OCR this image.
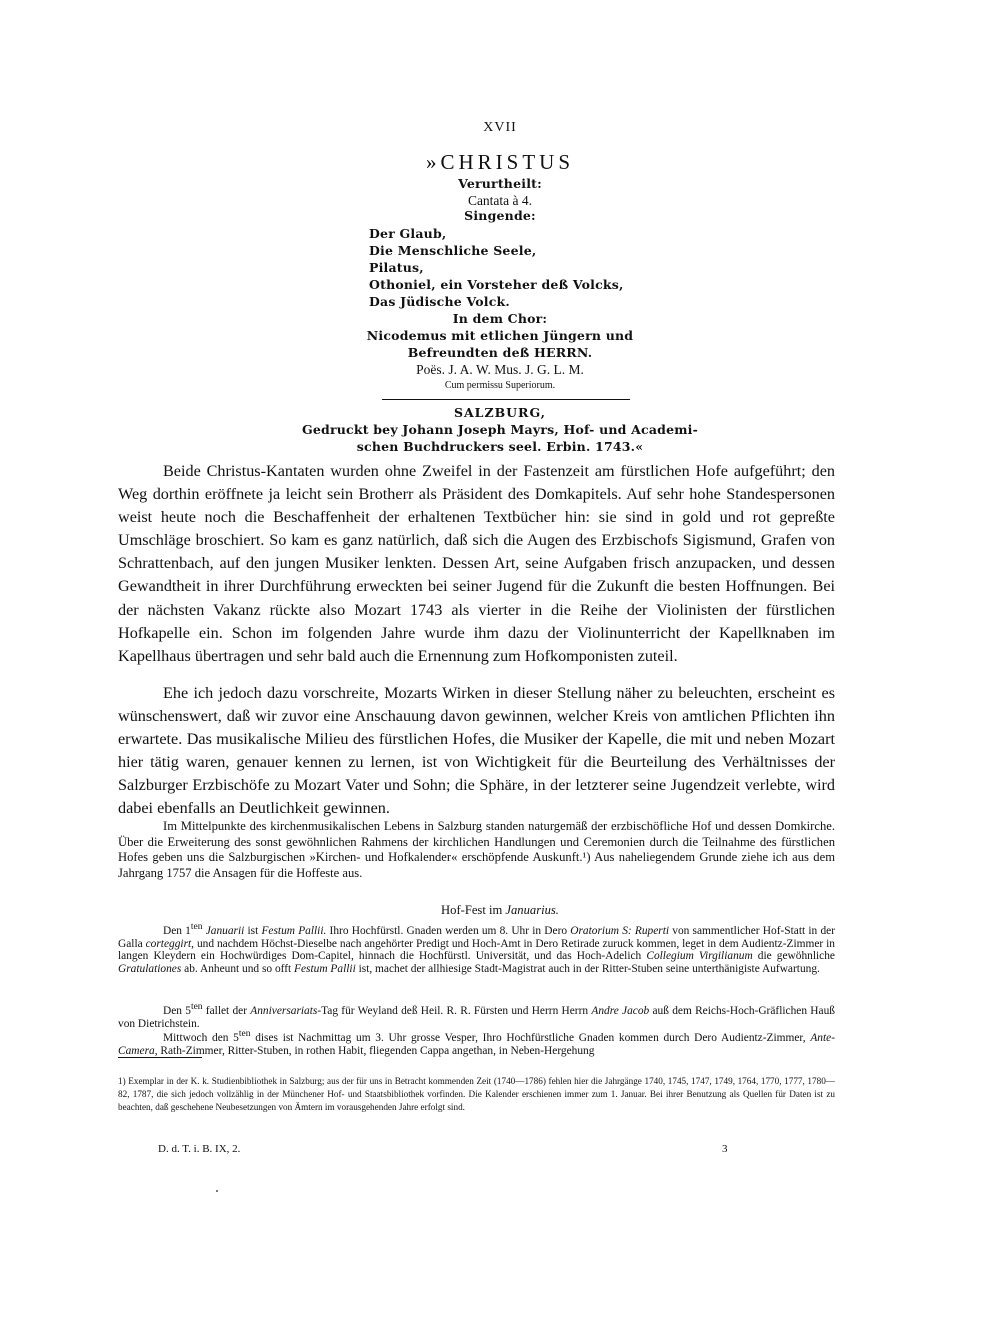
XVII
»CHRISTUS
Verurtheilt:
Cantata à 4.
Singende:
Der Glaub,
Die Menschliche Seele,
Pilatus,
Othoniel, ein Vorsteher deß Volcks,
Das Jüdische Volck.
In dem Chor:
Nicodemus mit etlichen Jüngern und
Befreundten deß HERRN.
Poës. J. A. W. Mus. J. G. L. M.
Cum permissu Superiorum.
SALZBURG,
Gedruckt bey Johann Joseph Mayrs, Hof- und Academi-
schen Buchdruckers seel. Erbin. 1743.«

Beide Christus-Kantaten wurden ohne Zweifel in der Fastenzeit am fürstlichen Hofe aufgeführt; den Weg dorthin eröffnete ja leicht sein Brotherr als Präsident des Domkapitels. Auf sehr hohe Standespersonen weist heute noch die Beschaffenheit der erhaltenen Textbücher hin: sie sind in gold und rot gepreßte Umschläge broschiert. So kam es ganz natürlich, daß sich die Augen des Erzbischofs Sigismund, Grafen von Schrattenbach, auf den jungen Musiker lenkten. Dessen Art, seine Aufgaben frisch anzupacken, und dessen Gewandtheit in ihrer Durchführung erweckten bei seiner Jugend für die Zukunft die besten Hoffnungen. Bei der nächsten Vakanz rückte also Mozart 1743 als vierter in die Reihe der Violinisten der fürstlichen Hofkapelle ein. Schon im folgenden Jahre wurde ihm dazu der Violinunterricht der Kapellknaben im Kapellhaus übertragen und sehr bald auch die Ernennung zum Hofkomponisten zuteil.

Ehe ich jedoch dazu vorschreite, Mozarts Wirken in dieser Stellung näher zu beleuchten, erscheint es wünschenswert, daß wir zuvor eine Anschauung davon gewinnen, welcher Kreis von amtlichen Pflichten ihn erwartete. Das musikalische Milieu des fürstlichen Hofes, die Musiker der Kapelle, die mit und neben Mozart hier tätig waren, genauer kennen zu lernen, ist von Wichtigkeit für die Beurteilung des Verhältnisses der Salzburger Erzbischöfe zu Mozart Vater und Sohn; die Sphäre, in der letzterer seine Jugendzeit verlebte, wird dabei ebenfalls an Deutlichkeit gewinnen.

Im Mittelpunkte des kirchenmusikalischen Lebens in Salzburg standen naturgemäß der erzbischöfliche Hof und dessen Domkirche. Über die Erweiterung des sonst gewöhnlichen Rahmens der kirchlichen Handlungen und Ceremonien durch die Teilnahme des fürstlichen Hofes geben uns die Salzburgischen »Kirchen- und Hofkalender« erschöpfende Auskunft.¹) Aus naheliegendem Grunde ziehe ich aus dem Jahrgang 1757 die Ansagen für die Hoffeste aus.

Hof-Fest im Januarius.

Den $1^{ten}$ Januarii ist Festum Pallii. Ihro Hochfürstl. Gnaden werden um 8. Uhr in Dero Oratorium S: Ruperti von sammentlicher Hof-Statt in der Galla corteggirt, und nachdem Höchst-Dieselbe nach angehörter Predigt und Hoch-Amt in Dero Retirade zuruck kommen, leget in dem Audientz-Zimmer in langen Kleydern ein Hochwürdiges Dom-Capitel, hinnach die Hochfürstl. Universität, und das Hoch-Adelich Collegium Virgilianum die gewöhnliche Gratulationes ab. Anheunt und so offt Festum Pallii ist, machet der allhiesige Stadt-Magistrat auch in der Ritter-Stuben seine unterthänigiste Aufwartung.

Den $5^{ten}$ fallet der Anniversariats-Tag für Weyland deß Heil. R. R. Fürsten und Herrn Herrn Andre Jacob auß dem Reichs-Hoch-Gräflichen Hauß von Dietrichstein.

Mittwoch den $5^{ten}$ dises ist Nachmittag um 3. Uhr grosse Vesper, Ihro Hochfürstliche Gnaden kommen durch Dero Audientz-Zimmer, Ante-Camera, Rath-Zimmer, Ritter-Stuben, in rothen Habit, fliegenden Cappa angethan, in Neben-Hergehung

1) Exemplar in der K. k. Studienbibliothek in Salzburg; aus der für uns in Betracht kommenden Zeit (1740—1786) fehlen hier die Jahrgänge 1740, 1745, 1747, 1749, 1764, 1770, 1777, 1780—82, 1787, die sich jedoch vollzählig in der Münchener Hof- und Staatsbibliothek vorfinden. Die Kalender erschienen immer zum 1. Januar. Bei ihrer Benutzung als Quellen für Daten ist zu beachten, daß geschehene Neubesetzungen von Ämtern im vorausgehenden Jahre erfolgt sind.

D. d. T. i. B. IX, 2.	3
